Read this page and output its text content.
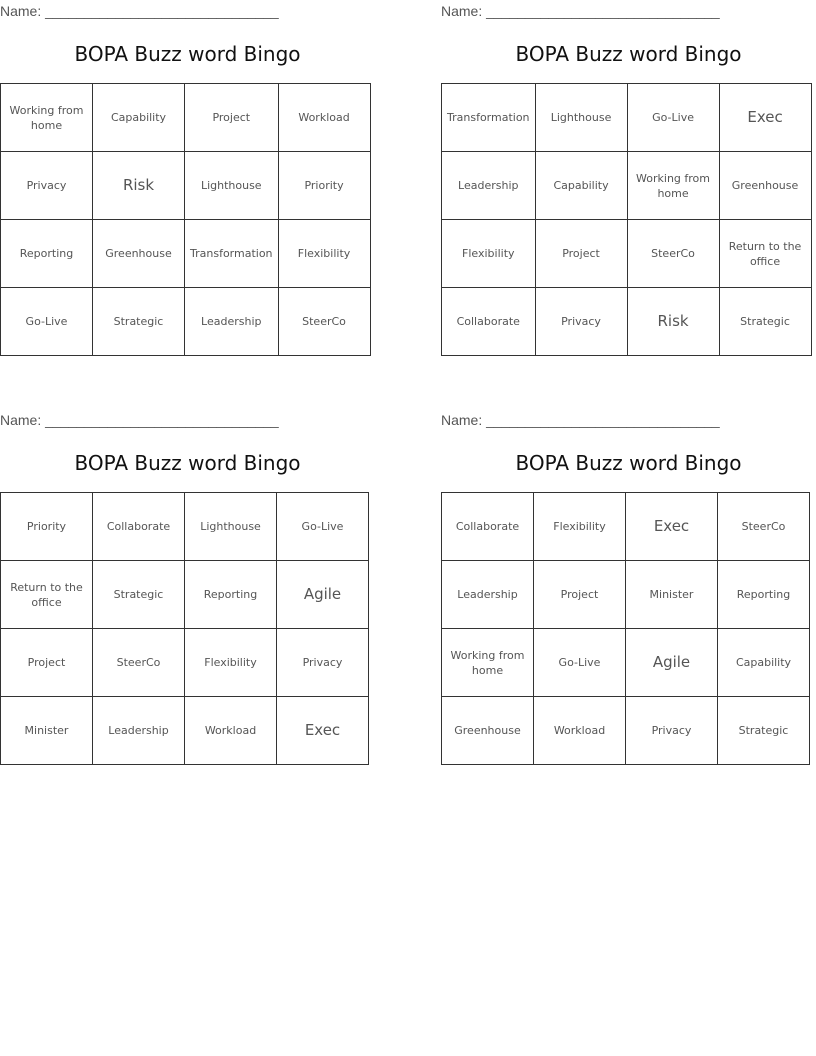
Name: ______________________________
BOPA Buzz word Bingo
Working from home	Capability	Project	Workload
Privacy	Risk	Lighthouse	Priority
Reporting	Greenhouse	Transformation	Flexibility
Go-Live	Strategic	Leadership	SteerCo
Name: ______________________________
BOPA Buzz word Bingo
Transformation	Lighthouse	Go-Live	Exec
Leadership	Capability	Working from home	Greenhouse
Flexibility	Project	SteerCo	Return to the office
Collaborate	Privacy	Risk	Strategic
Name: ______________________________
BOPA Buzz word Bingo
Priority	Collaborate	Lighthouse	Go-Live
Return to the office	Strategic	Reporting	Agile
Project	SteerCo	Flexibility	Privacy
Minister	Leadership	Workload	Exec
Name: ______________________________
BOPA Buzz word Bingo
Collaborate	Flexibility	Exec	SteerCo
Leadership	Project	Minister	Reporting
Working from home	Go-Live	Agile	Capability
Greenhouse	Workload	Privacy	Strategic
